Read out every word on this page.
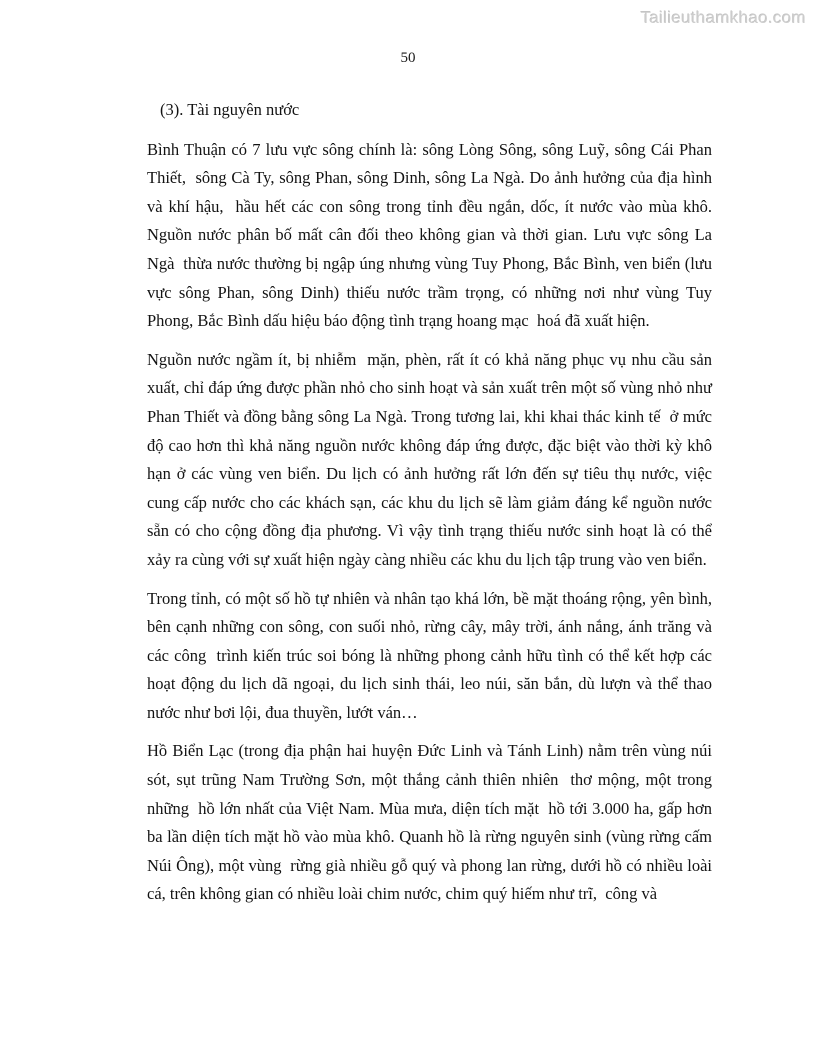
Tailieuthamkhao.com
50

(3). Tài nguyên nước

Bình Thuận có 7 lưu vực sông chính là: sông Lòng Sông, sông Luỹ, sông Cái Phan Thiết,  sông Cà Ty, sông Phan, sông Dinh, sông La Ngà. Do ảnh hưởng của địa hình và khí hậu,  hầu hết các con sông trong tỉnh đều ngắn, dốc, ít nước vào mùa khô. Nguồn nước phân bố mất cân đối theo không gian và thời gian. Lưu vực sông La Ngà  thừa nước thường bị ngập úng nhưng vùng Tuy Phong, Bắc Bình, ven biển (lưu vực sông Phan, sông Dinh) thiếu nước trầm trọng, có những nơi như vùng Tuy Phong, Bắc Bình dấu hiệu báo động tình trạng hoang mạc  hoá đã xuất hiện.

Nguồn nước ngầm ít, bị nhiễm  mặn, phèn, rất ít có khả năng phục vụ nhu cầu sản xuất, chỉ đáp ứng được phần nhỏ cho sinh hoạt và sản xuất trên một số vùng nhỏ như Phan Thiết và đồng bằng sông La Ngà. Trong tương lai, khi khai thác kinh tế  ở mức độ cao hơn thì khả năng nguồn nước không đáp ứng được, đặc biệt vào thời kỳ khô hạn ở các vùng ven biển. Du lịch có ảnh hưởng rất lớn đến sự tiêu thụ nước, việc cung cấp nước cho các khách sạn, các khu du lịch sẽ làm giảm đáng kể nguồn nước sẵn có cho cộng đồng địa phương. Vì vậy tình trạng thiếu nước sinh hoạt là có thể xảy ra cùng với sự xuất hiện ngày càng nhiều các khu du lịch tập trung vào ven biển.

Trong tỉnh, có một số hồ tự nhiên và nhân tạo khá lớn, bề mặt thoáng rộng, yên bình, bên cạnh những con sông, con suối nhỏ, rừng cây, mây trời, ánh nắng, ánh trăng và các công  trình kiến trúc soi bóng là những phong cảnh hữu tình có thể kết hợp các hoạt động du lịch dã ngoại, du lịch sinh thái, leo núi, săn bắn, dù lượn và thể thao nước như bơi lội, đua thuyền, lướt ván…

Hồ Biển Lạc (trong địa phận hai huyện Đức Linh và Tánh Linh) nằm trên vùng núi sót, sụt trũng Nam Trường Sơn, một thắng cảnh thiên nhiên  thơ mộng, một trong những  hồ lớn nhất của Việt Nam. Mùa mưa, diện tích mặt  hồ tới 3.000 ha, gấp hơn ba lần diện tích mặt hồ vào mùa khô. Quanh hồ là rừng nguyên sinh (vùng rừng cấm Núi Ông), một vùng  rừng già nhiều gỗ quý và phong lan rừng, dưới hồ có nhiều loài cá, trên không gian có nhiều loài chim nước, chim quý hiếm như trĩ,  công và
